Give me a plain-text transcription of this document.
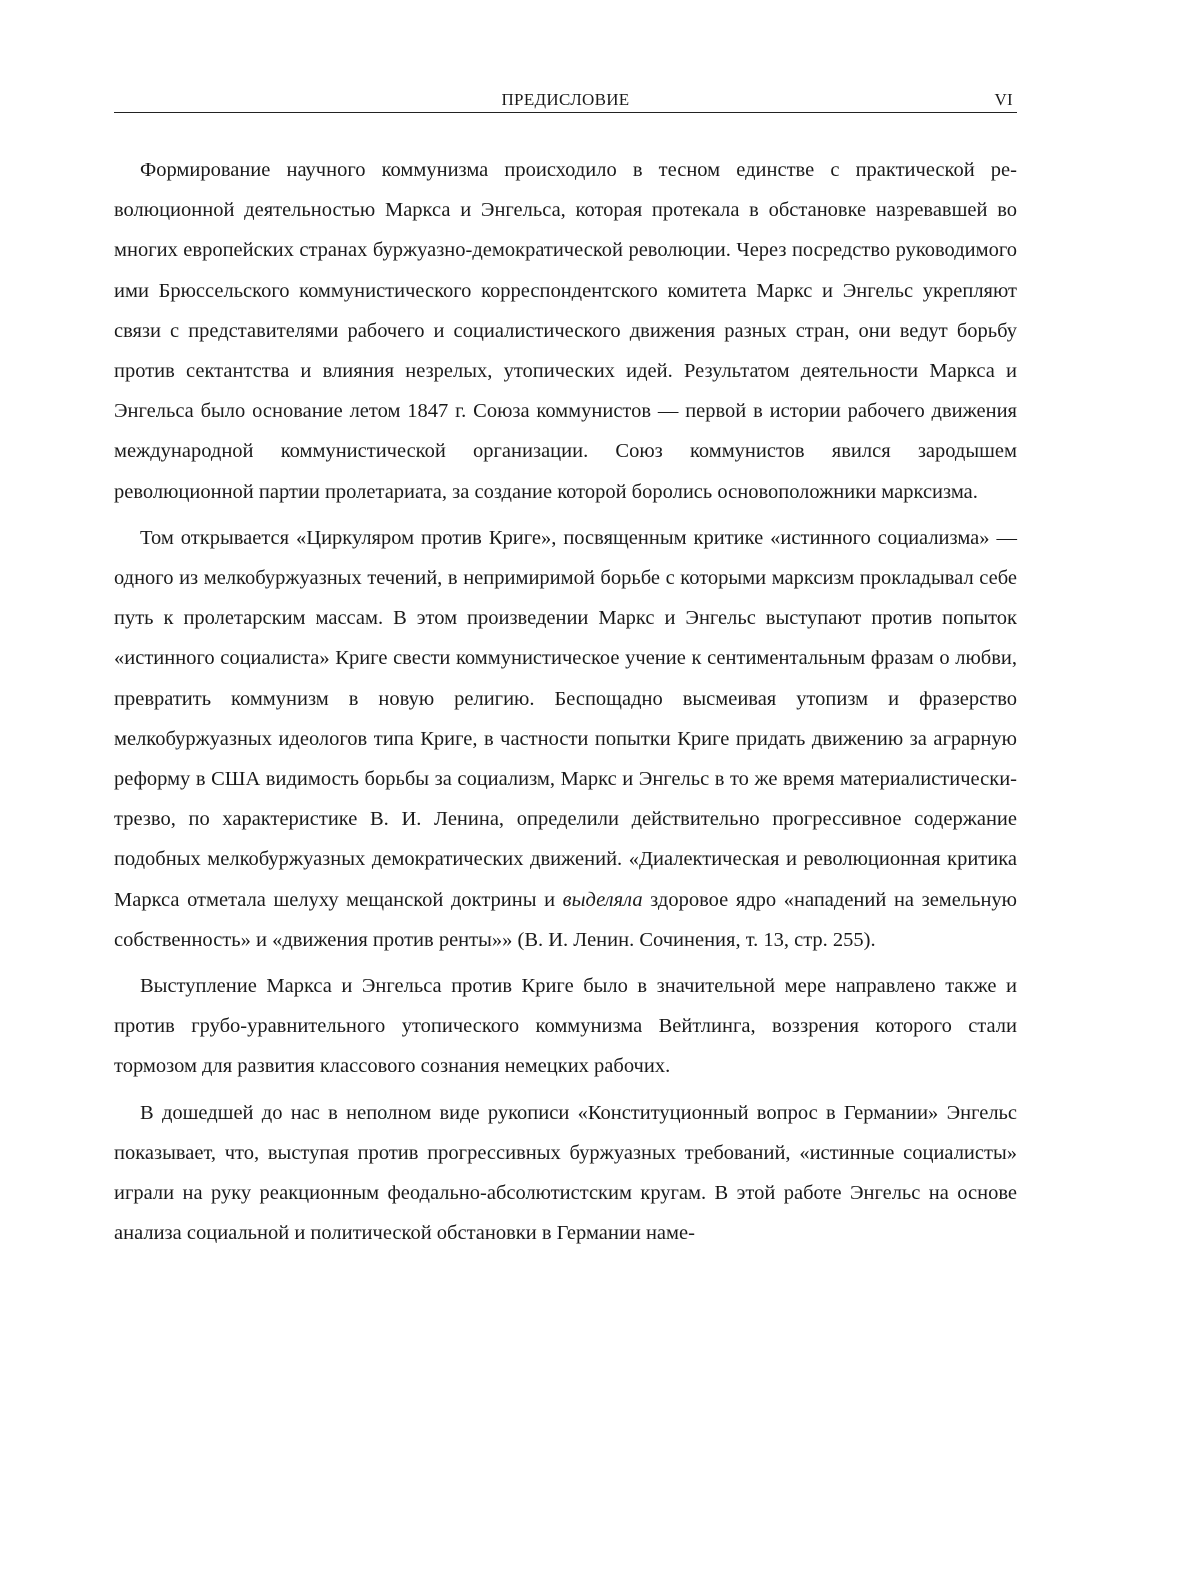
ПРЕДИСЛОВИЕ	VI

Формирование научного коммунизма происходило в тесном единстве с практической революционной деятельностью Маркса и Энгельса, которая протекала в обстановке назревавшей во многих европейских странах буржуазно-демократической революции. Через посредство руководимого ими Брюссельского коммунистического корреспондентского комитета Маркс и Энгельс укрепляют связи с представителями рабочего и социалистического движения разных стран, они ведут борьбу против сектантства и влияния незрелых, утопических идей. Результатом деятельности Маркса и Энгельса было основание летом 1847 г. Союза коммунистов — первой в истории рабочего движения международной коммунистической организации. Союз коммунистов явился зародышем революционной партии пролетариата, за создание которой боролись основоположники марксизма.

Том открывается «Циркуляром против Криге», посвященным критике «истинного социализма» — одного из мелкобуржуазных течений, в непримиримой борьбе с которыми марксизм прокладывал себе путь к пролетарским массам. В этом произведении Маркс и Энгельс выступают против попыток «истинного социалиста» Криге свести коммунистическое учение к сентиментальным фразам о любви, превратить коммунизм в новую религию. Беспощадно высмеивая утопизм и фразерство мелкобуржуазных идеологов типа Криге, в частности попытки Криге придать движению за аграрную реформу в США видимость борьбы за социализм, Маркс и Энгельс в то же время материалистически-трезво, по характеристике В. И. Ленина, определили действительно прогрессивное содержание подобных мелкобуржуазных демократических движений. «Диалектическая и революционная критика Маркса отметала шелуху мещанской доктрины и выделяла здоровое ядро «нападений на земельную собственность» и «движения против ренты»» (В. И. Ленин. Сочинения, т. 13, стр. 255).

Выступление Маркса и Энгельса против Криге было в значительной мере направлено также и против грубо-уравнительного утопического коммунизма Вейтлинга, воззрения которого стали тормозом для развития классового сознания немецких рабочих.

В дошедшей до нас в неполном виде рукописи «Конституционный вопрос в Германии» Энгельс показывает, что, выступая против прогрессивных буржуазных требований, «истинные социалисты» играли на руку реакционным феодально-абсолютистским кругам. В этой работе Энгельс на основе анализа социальной и политической обстановки в Германии наме-
